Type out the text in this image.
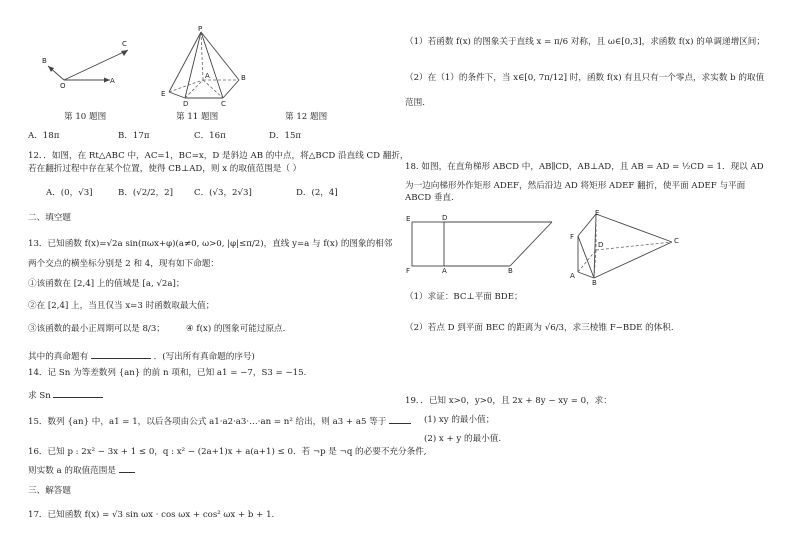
B
C
O
A
第 10 题图
P
A	B
C
D
E
第 11 题图	第 12 题图
A．18π	B．17π	C．16π	D．15π
12．．如图，在 Rt△ABC 中，AC=1，BC=x，D 是斜边 AB 的中点，将△BCD 沿直线 CD 翻折，
若在翻折过程中存在某个位置，使得 CB⊥AD，则 x 的取值范围是（ ）
A．(0，√3]	B．(√2/2，2] C．(√3，2√3]	D．(2，4]
二、填空题
13．已知函数 f(x)=√2a sin(πωx+φ)(a≠0, ω>0, |φ|≤π/2)，直线 y=a 与 f(x) 的图象的相邻
两个交点的横坐标分别是 2 和 4，现有如下命题：
①该函数在 [2,4] 上的值域是 [a, √2a]；
②在 [2,4] 上，当且仅当 x=3 时函数取最大值；
③该函数的最小正周期可以是 8/3； ④ f(x) 的图象可能过原点.
其中的真命题有	．(写出所有真命题的序号)
14．记 Sn 为等差数列 {an} 的前 n 项和，已知 a1 = −7，S3 = −15.
求 Sn
15．数列 {an} 中，a1 = 1，以后各项由公式 a1·a2·a3·…·an = n² 给出，则 a3 + a5 等于
16．已知 p : 2x² − 3x + 1 ≤ 0，q : x² − (2a+1)x + a(a+1) ≤ 0．若 ¬p 是 ¬q 的必要不充分条件,
则实数 a 的取值范围是
三、解答题
17．已知函数 f(x) = √3 sin ωx · cos ωx + cos² ωx + b + 1.
（1）若函数 f(x) 的图象关于直线 x = π/6 对称，且 ω∈[0,3]，求函数 f(x) 的单调递增区间；
（2）在（1）的条件下，当 x∈[0, 7π/12] 时，函数 f(x) 有且只有一个零点，求实数 b 的取值
范围.
18. 如图，在直角梯形 ABCD 中，AB∥CD，AB⊥AD，且 AB = AD = ½CD = 1．现以 AD
为一边向梯形外作矩形 ADEF，然后沿边 AD 将矩形 ADEF 翻折，使平面 ADEF 与平面
ABCD 垂直.
E	D
F	A	B
E
F
D	C
A
B
（1）求证：BC⊥平面 BDE；
（2）若点 D 到平面 BEC 的距离为 √6/3，求三棱锥 F−BDE 的体积.
19．．已知 x>0，y>0，且 2x + 8y − xy = 0，求：
(1) xy 的最小值；
(2) x + y 的最小值.
